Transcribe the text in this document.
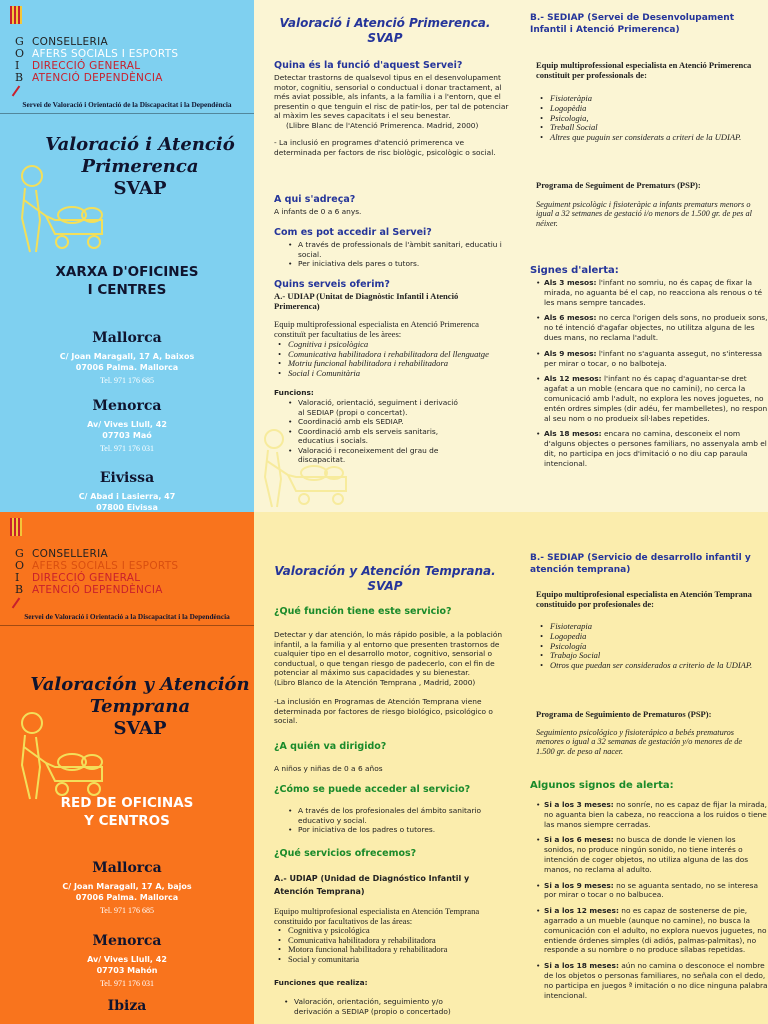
G
O
I
B
CONSELLERIA
AFERS SOCIALS I ESPORTS
DIRECCIÓ GENERAL
ATENCIÓ DEPENDÈNCIA
Servei de Valoració i Orientació de la Discapacitat i la Dependència
Valoració i Atenció Primerenca
SVAP
XARXA D'OFICINES
I CENTRES
Mallorca
C/ Joan Maragall, 17 A, baixos
07006 Palma. Mallorca
Tel. 971 176 685
Menorca
Av/ Vives Llull, 42
07703 Maó
Tel. 971 176 031
Eivissa
C/ Abad i Lasierra, 47
07800 Eivissa
Valoració i Atenció Primerenca. SVAP
Quina és la funció d'aquest Servei?

Detectar trastorns de qualsevol tipus en el desenvolupament motor, cognitiu, sensorial o conductual i donar tractament, al més aviat possible, als infants, a la família i a l'entorn, que el presentin o que tenguin el risc de patir-los, per tal de potenciar al màxim les seves capacitats i el seu benestar.

(Llibre Blanc de l'Atenció Primerenca. Madrid, 2000)

- La inclusió en programes d'atenció primerenca ve determinada per factors de risc biològic, psicològic o social.

A qui s'adreça?
A infants de 0 a 6 anys.
Com es pot accedir al Servei?
• A través de professionals de l'àmbit sanitari, educatiu i social.
• Per iniciativa dels pares o tutors.
Quins serveis oferim?
A.- UDIAP (Unitat de Diagnòstic Infantil i Atenció Primerenca)
Equip multiprofessional especialista en Atenció Primerenca constituït per facultatius de les àrees:
• Cognitiva i psicològica
• Comunicativa habilitadora i rehabilitadora del llenguatge
• Motriu funcional habilitadora i rehabilitadora
• Social i Comunitària
Funcions:
• Valoració, orientació, seguiment i derivació al SEDIAP (propi o concertat).
• Coordinació amb els SEDIAP.
• Coordinació amb els serveis sanitaris, educatius i socials.
• Valoració i reconeixement del grau de discapacitat.
B.- SEDIAP (Servei de Desenvolupament Infantil i Atenció Primerenca)
Equip multiprofessional especialista en Atenció Primerenca constituït per professionals de:
• Fisioteràpia
• Logopèdia
• Psicologia,
• Treball Social
• Altres que puguin ser considerats a criteri de la UDIAP.
Programa de Seguiment de Prematurs (PSP):
Seguiment psicològic i fisioteràpic a infants prematurs menors o igual a 32 setmanes de gestació i/o menors de 1.500 gr. de pes al néixer.
Signes d'alerta:

• Als 3 mesos: l'infant no somriu, no és capaç de fixar la mirada, no aguanta bé el cap, no reacciona als renous o té les mans sempre tancades.

• Als 6 mesos: no cerca l'origen dels sons, no produeix sons, no té intenció d'agafar objectes, no utilitza alguna de les dues mans, no reclama l'adult.

• Als 9 mesos: l'infant no s'aguanta assegut, no s'interessa per mirar o tocar, o no balboteja.

• Als 12 mesos: l'infant no és capaç d'aguantar-se dret agafat a un moble (encara que no camini), no cerca la comunicació amb l'adult, no explora les noves joguetes, no entén ordres simples (dir adéu, fer mambelletes), no respon al seu nom o no produeix síl·labes repetides.

• Als 18 mesos: encara no camina, desconeix el nom d'alguns objectes o persones familiars, no assenyala amb el dit, no participa en jocs d'imitació o no diu cap paraula intencional.

G
O
I
B
CONSELLERIA
AFERS SOCIALS I ESPORTS
DIRECCIÓ GENERAL
ATENCIÓ DEPENDÈNCIA
Servei de Valoració i Orientació a la Discapacitat i la Dependència
Valoración y Atención Temprana
SVAP
RED DE OFICINAS
Y CENTROS
Mallorca
C/ Joan Maragall, 17 A, bajos
07006 Palma. Mallorca
Tel. 971 176 685
Menorca
Av/ Vives Llull, 42
07703 Mahón
Tel. 971 176 031
Ibiza
Valoración y Atención Temprana. SVAP
¿Qué función tiene este servicio?

Detectar y dar atención, lo más rápido posible, a la población infantil, a la familia y al entorno que presenten trastornos de cualquier tipo en el desarrollo motor, cognitivo, sensorial o conductual, o que tengan riesgo de padecerlo, con el fin de potenciar al máximo sus capacidades y su bienestar.

(Libro Blanco de la Atención Temprana , Madrid, 2000)

-La inclusión en Programas de Atención Temprana viene determinada por factores de riesgo biológico, psicológico o social.

¿A quién va dirigido?
A niños y niñas de 0 a 6 años
¿Cómo se puede acceder al servicio?
• A través de los profesionales del ámbito sanitario educativo y social.
• Por iniciativa de los padres o tutores.
¿Qué servicios ofrecemos?
A.- UDIAP (Unidad de Diagnóstico Infantil y Atención Temprana)
Equipo multiprofesional especialista en Atención Temprana constituido por facultativos de las áreas:
• Cognitiva y psicológica
• Comunicativa habilitadora y rehabilitadora
• Motora funcional habilitadora y rehabilitadora
• Social y comunitaria
Funciones que realiza:
• Valoración, orientación, seguimiento y/o derivación a SEDIAP (propio o concertado)
B.- SEDIAP (Servicio de desarrollo infantil y atención temprana)
Equipo multiprofesional especialista en Atención Temprana constituido por profesionales de:
• Fisioterapia
• Logopedia
• Psicología
• Trabajo Social
• Otros que puedan ser considerados a criterio de la UDIAP.
Programa de Seguimiento de Prematuros (PSP):
Seguimiento psicológico y fisioterápico a bebés prematuros menores o igual a 32 semanas de gestación y/o menores de de 1.500 gr. de peso al nacer.
Algunos signos de alerta:

• Si a los 3 meses: no sonríe, no es capaz de fijar la mirada, no aguanta bien la cabeza, no reacciona a los ruidos o tiene las manos siempre cerradas.

• Si a los 6 meses: no busca de donde le vienen los sonidos, no produce ningún sonido, no tiene interés o intención de coger objetos, no utiliza alguna de las dos manos, no reclama al adulto.

• Si a los 9 meses: no se aguanta sentado, no se interesa por mirar o tocar o no balbucea.

• Si a los 12 meses: no es capaz de sostenerse de pie, agarrado a un mueble (aunque no camine), no busca la comunicación con el adulto, no explora nuevos juguetes, no entiende órdenes simples (di adiós, palmas-palmitas), no responde a su nombre o no produce sílabas repetidas.

• Si a los 18 meses: aún no camina o desconoce el nombre de los objetos o personas familiares, no señala con el dedo, no participa en juegos ª imitación o no dice ninguna palabra intencional.
